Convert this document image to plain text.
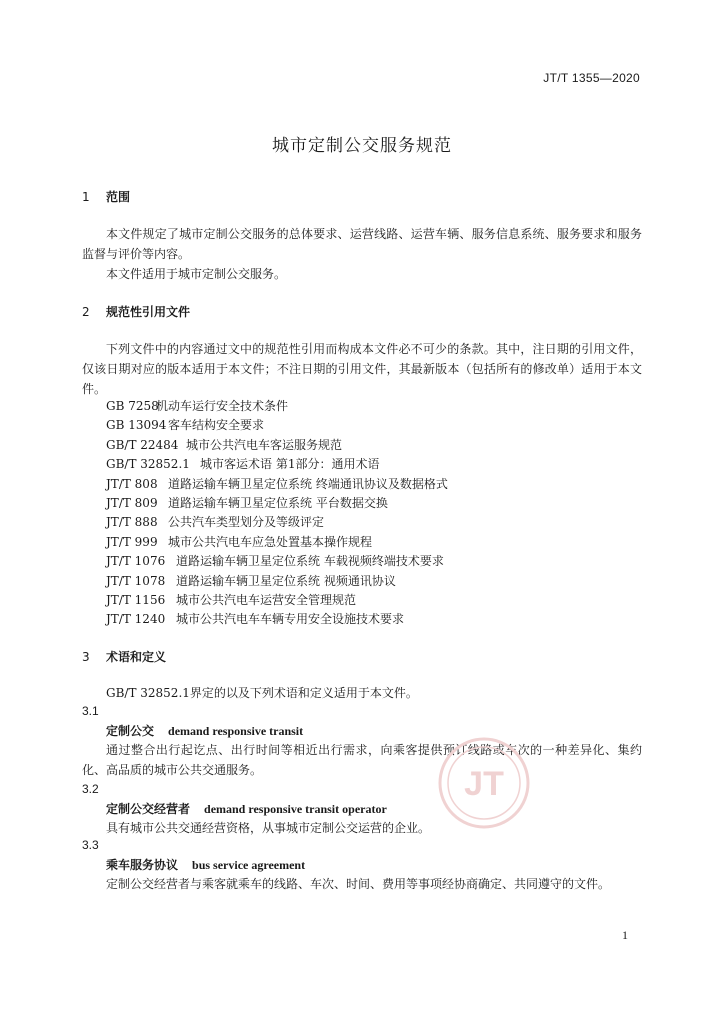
JT/T 1355—2020
城市定制公交服务规范
1 范围
本文件规定了城市定制公交服务的总体要求、运营线路、运营车辆、服务信息系统、服务要求和服务监督与评价等内容。
本文件适用于城市定制公交服务。
2 规范性引用文件
下列文件中的内容通过文中的规范性引用而构成本文件必不可少的条款。其中，注日期的引用文件，仅该日期对应的版本适用于本文件；不注日期的引用文件，其最新版本（包括所有的修改单）适用于本文件。
GB 7258机动车运行安全技术条件
GB 13094 客车结构安全要求
GB/T 22484 城市公共汽电车客运服务规范
GB/T 32852.1 城市客运术语 第1部分：通用术语
JT/T 808 道路运输车辆卫星定位系统 终端通讯协议及数据格式
JT/T 809 道路运输车辆卫星定位系统 平台数据交换
JT/T 888 公共汽车类型划分及等级评定
JT/T 999 城市公共汽电车应急处置基本操作规程
JT/T 1076 道路运输车辆卫星定位系统 车载视频终端技术要求
JT/T 1078 道路运输车辆卫星定位系统 视频通讯协议
JT/T 1156 城市公共汽电车运营安全管理规范
JT/T 1240 城市公共汽电车车辆专用安全设施技术要求
3 术语和定义
GB/T 32852.1界定的以及下列术语和定义适用于本文件。
3.1
定制公交 demand responsive transit
通过整合出行起讫点、出行时间等相近出行需求，向乘客提供预订线路或车次的一种差异化、集约化、高品质的城市公共交通服务。
3.2
定制公交经营者 demand responsive transit operator
具有城市公共交通经营资格，从事城市定制公交运营的企业。
3.3
乘车服务协议 bus service agreement
定制公交经营者与乘客就乘车的线路、车次、时间、费用等事项经协商确定、共同遵守的文件。
JT
1
